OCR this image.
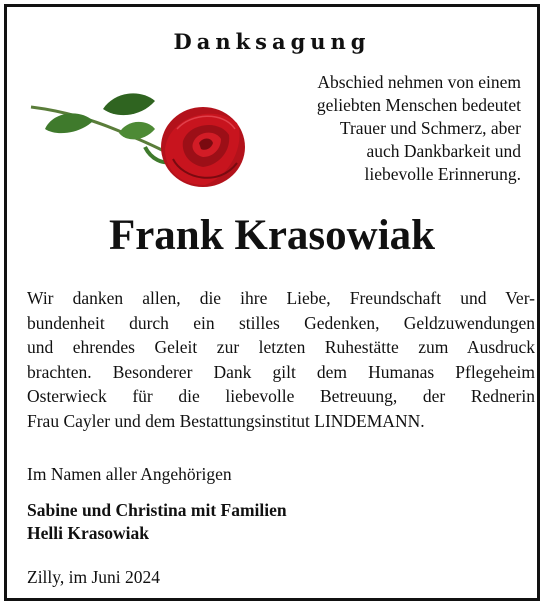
Danksagung
Abschied nehmen von einem
geliebten Menschen bedeutet
Trauer und Schmerz, aber
auch Dankbarkeit und
liebevolle Erinnerung.
Frank Krasowiak
Wir danken allen, die ihre Liebe, Freundschaft und Ver-
bundenheit durch ein stilles Gedenken, Geldzuwendungen
und ehrendes Geleit zur letzten Ruhestätte zum Ausdruck
brachten. Besonderer Dank gilt dem Humanas Pflegeheim
Osterwieck für die liebevolle Betreuung, der Rednerin
Frau Cayler und dem Bestattungsinstitut LINDEMANN.
Im Namen aller Angehörigen
Sabine und Christina mit Familien
Helli Krasowiak
Zilly, im Juni 2024
